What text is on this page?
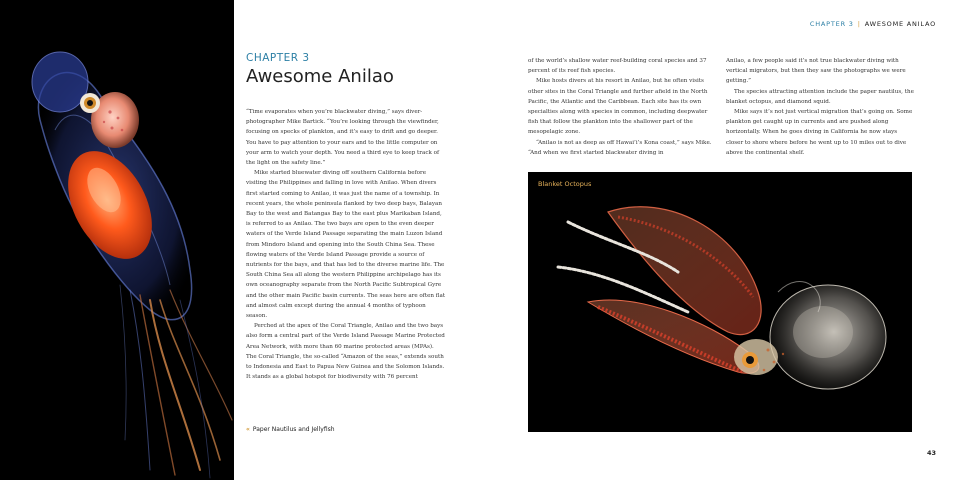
CHAPTER 3 | AWESOME ANILAO
CHAPTER 3
Awesome Anilao

“Time evaporates when you’re blackwater diving,” says diver-photographer Mike Bartick. “You’re looking through the viewfinder, focusing on specks of plankton, and it’s easy to drift and go deeper. You have to pay attention to your ears and to the little computer on your arm to watch your depth. You need a third eye to keep track of the light on the safety line.”

Mike started bluewater diving off southern California before visiting the Philippines and falling in love with Anilao. When divers first started coming to Anilao, it was just the name of a township. In recent years, the whole peninsula flanked by two deep bays, Balayan Bay to the west and Batangas Bay to the east plus Marikaban Island, is referred to as Anilao. The two bays are open to the even deeper waters of the Verde Island Passage separating the main Luzon Island from Mindoro Island and opening into the South China Sea. These flowing waters of the Verde Island Passage provide a source of nutrients for the bays, and that has led to the diverse marine life. The South China Sea all along the western Philippine archipelago has its own oceanography separate from the North Pacific Subtropical Gyre and the other main Pacific basin currents. The seas here are often flat and almost calm except during the annual 4 months of typhoon season.

Perched at the apex of the Coral Triangle, Anilao and the two bays also form a central part of the Verde Island Passage Marine Protected Area Network, with more than 60 marine protected areas (MPAs). The Coral Triangle, the so-called “Amazon of the seas,” extends south to Indonesia and East to Papua New Guinea and the Solomon Islands. It stands as a global hotspot for biodiversity with 76 percent

« Paper Nautilus and Jellyfish

of the world’s shallow water reef-building coral species and 37 percent of its reef fish species.

Mike hosts divers at his resort in Anilao, but he often visits other sites in the Coral Triangle and further afield in the North Pacific, the Atlantic and the Caribbean. Each site has its own specialties along with species in common, including deepwater fish that follow the plankton into the shallower part of the mesopelagic zone.

“Anilao is not as deep as off Hawai’i’s Kona coast,” says Mike. “And when we first started blackwater diving in

Anilao, a few people said it’s not true blackwater diving with vertical migrators, but then they saw the photographs we were getting.”

The species attracting attention include the paper nautilus, the blanket octopus, and diamond squid.

Mike says it’s not just vertical migration that’s going on. Some plankton get caught up in currents and are pushed along horizontally. When he goes diving in California he now stays closer to shore where before he went up to 10 miles out to dive above the continental shelf.

Blanket Octopus
43
